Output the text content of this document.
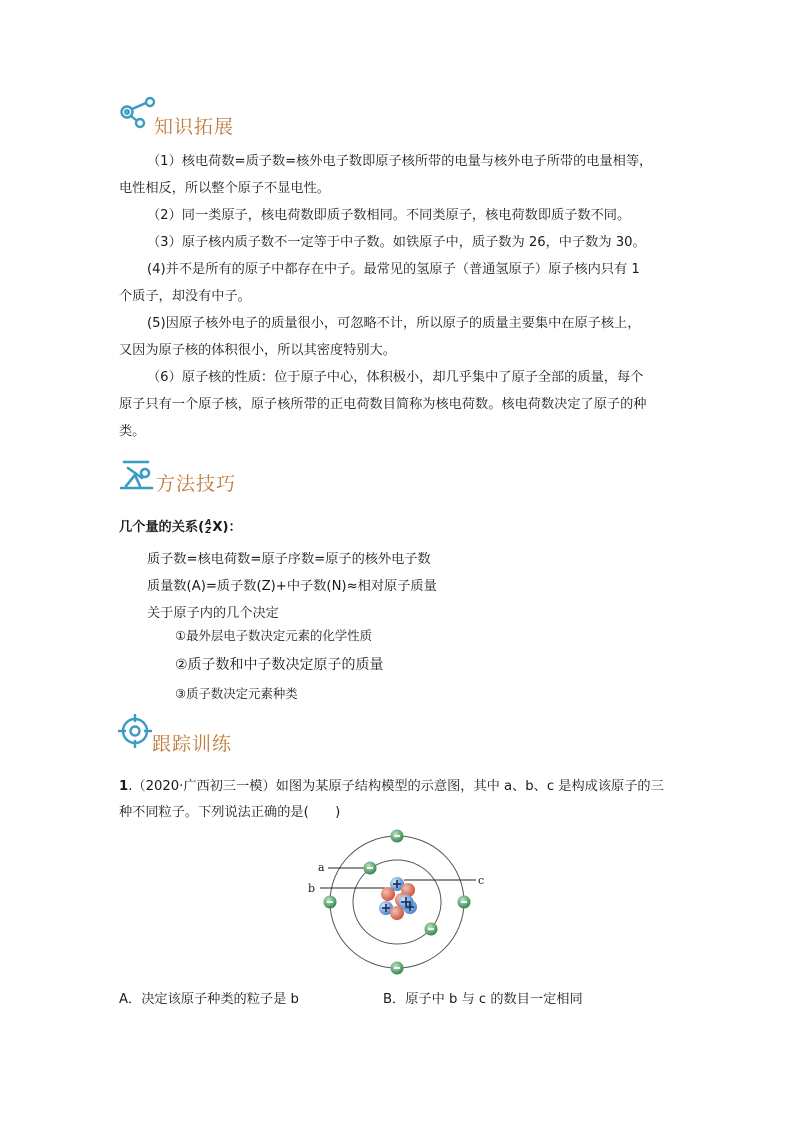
知识拓展
（1）核电荷数=质子数=核外电子数即原子核所带的电量与核外电子所带的电量相等，
电性相反，所以整个原子不显电性。
（2）同一类原子，核电荷数即质子数相同。不同类原子，核电荷数即质子数不同。
（3）原子核内质子数不一定等于中子数。如铁原子中，质子数为 26，中子数为 30。
(4)并不是所有的原子中都存在中子。最常见的氢原子（普通氢原子）原子核内只有 1
个质子，却没有中子。
(5)因原子核外电子的质量很小，可忽略不计，所以原子的质量主要集中在原子核上，
又因为原子核的体积很小，所以其密度特别大。
（6）原子核的性质：位于原子中心，体积极小，却几乎集中了原子全部的质量，每个
原子只有一个原子核，原子核所带的正电荷数目简称为核电荷数。核电荷数决定了原子的种
类。
方法技巧
几个量的关系( A
Z X)：
质子数=核电荷数=原子序数=原子的核外电子数
质量数(A)=质子数(Z)+中子数(N)≈相对原子质量
关于原子内的几个决定
①最外层电子数决定元素的化学性质
②质子数和中子数决定原子的质量
③质子数决定元素种类
跟踪训练
1.（2020·广西初三一模）如图为某原子结构模型的示意图，其中 a、b、c 是构成该原子的三
种不同粒子。下列说法正确的是(　　)
a
b
c
A．决定该原子种类的粒子是 b	B．原子中 b 与 c 的数目一定相同
